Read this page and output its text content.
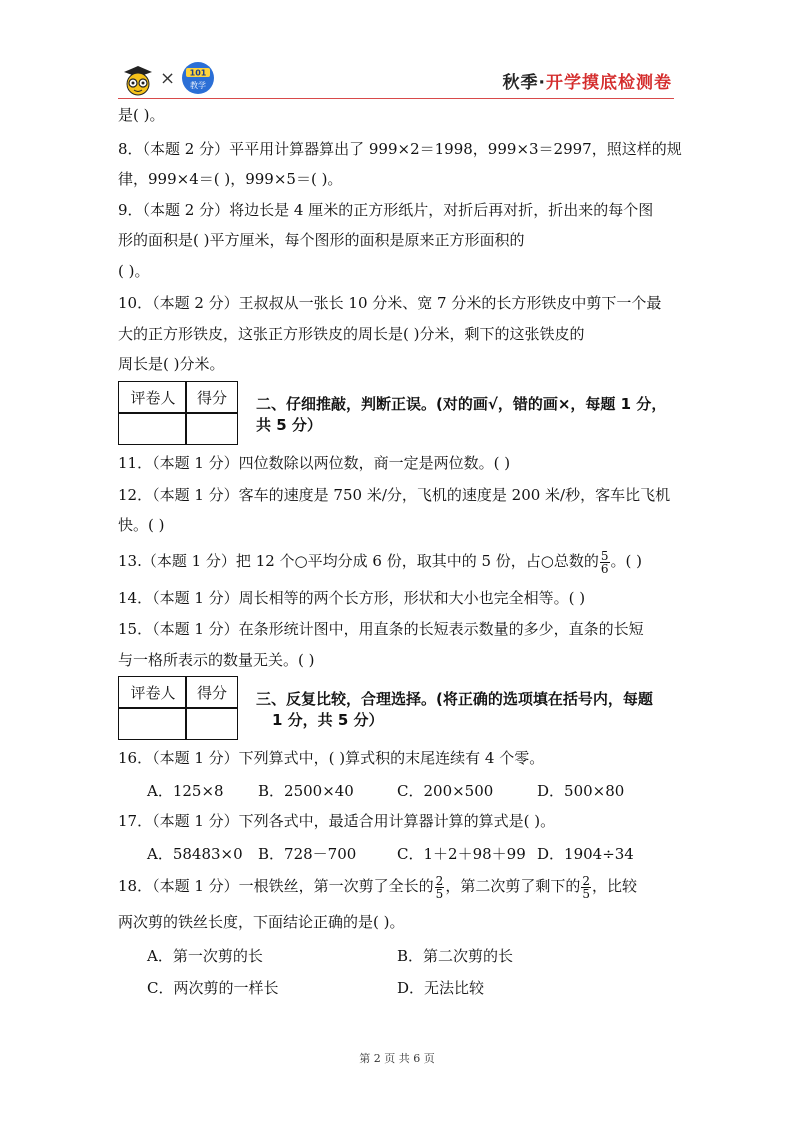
× 101
教学	秋季·开学摸底检测卷
是( )。
8．（本题 2 分）平平用计算器算出了 999×2＝1998，999×3＝2997，照这样的规
律，999×4＝( )，999×5＝( )。
9．（本题 2 分）将边长是 4 厘米的正方形纸片，对折后再对折，折出来的每个图
形的面积是( )平方厘米，每个图形的面积是原来正方形面积的
( )。
10．（本题 2 分）王叔叔从一张长 10 分米、宽 7 分米的长方形铁皮中剪下一个最
大的正方形铁皮，这张正方形铁皮的周长是( )分米，剩下的这张铁皮的
周长是( )分米。
评卷人	得分	二、仔细推敲，判断正误。(对的画√，错的画×，每题 1 分，
共 5 分）
11．（本题 1 分）四位数除以两位数，商一定是两位数。( )
12．（本题 1 分）客车的速度是 750 米/分，飞机的速度是 200 米/秒，客车比飞机
快。( )
13.（本题 1 分）把 12 个○平均分成 6 份，取其中的 5 份，占○总数的 $\frac{5}{6}$ 。( )
14．（本题 1 分）周长相等的两个长方形，形状和大小也完全相等。( )
15．（本题 1 分）在条形统计图中，用直条的长短表示数量的多少，直条的长短
与一格所表示的数量无关。( )
评卷人	得分	三、反复比较，合理选择。(将正确的选项填在括号内，每题
1 分，共 5 分）
16．（本题 1 分）下列算式中，( )算式积的末尾连续有 4 个零。
A．125×8 B．2500×40	C．200×500	D．500×80
17．（本题 1 分）下列各式中，最适合用计算器计算的算式是( )。
A．58483×0 B．728－700	C．1＋2＋98＋99 D．1904÷34
18．（本题 1 分）一根铁丝，第一次剪了全长的 $\frac{2}{5}$ ，第二次剪了剩下的 $\frac{2}{5}$ ，比较
两次剪的铁丝长度，下面结论正确的是( )。
A．第一次剪的长	B．第二次剪的长
C．两次剪的一样长	D．无法比较
第 2 页 共 6 页
